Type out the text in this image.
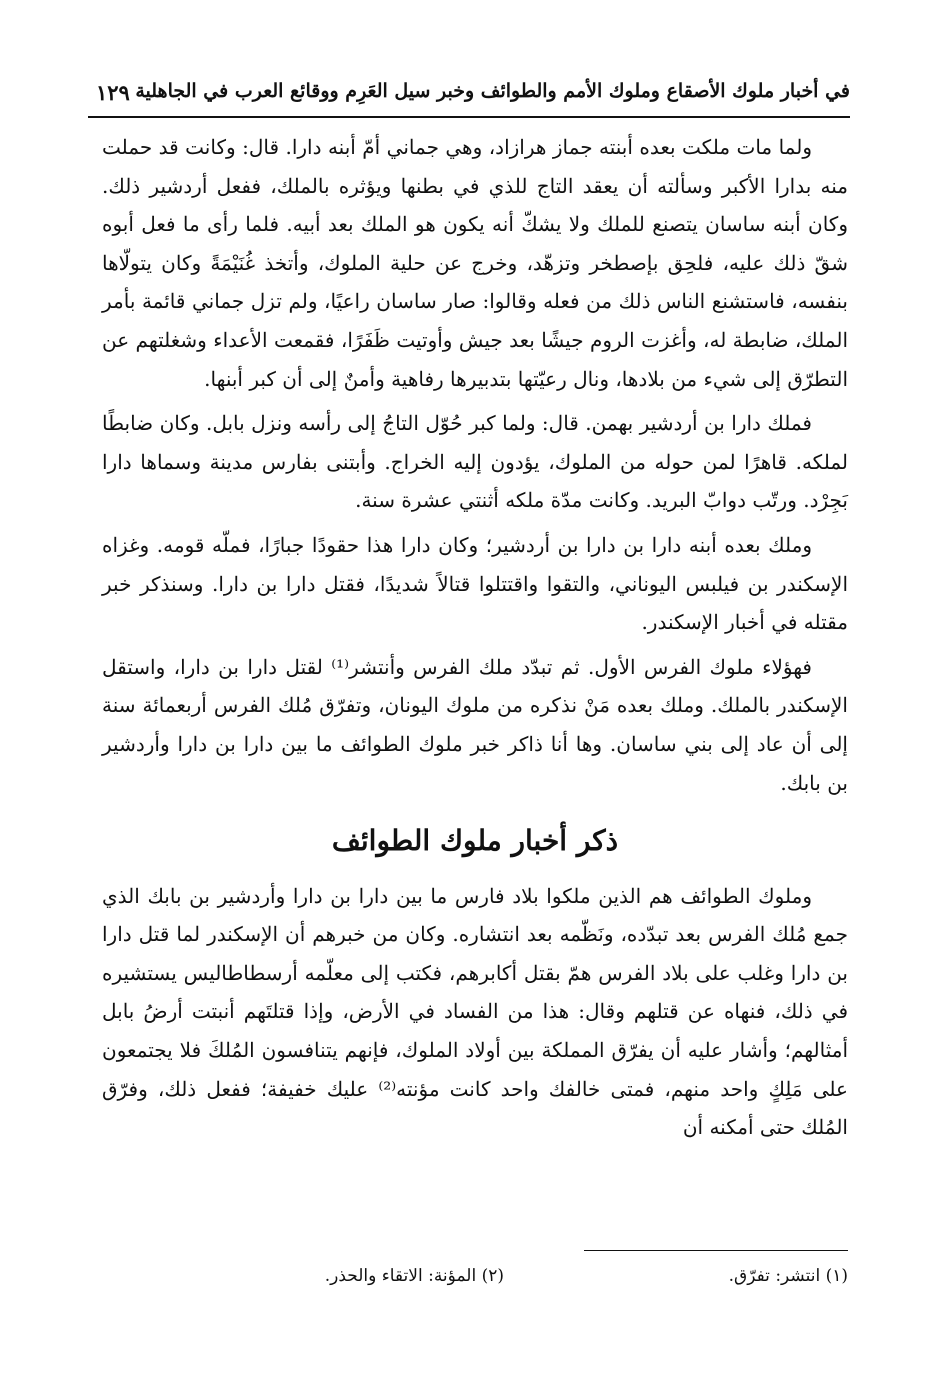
في أخبار ملوك الأصقاع وملوك الأمم والطوائف وخبر سيل العَرِم ووقائع العرب في الجاهلية
١٢٩

ولما مات ملكت بعده أبنته جماز هرازاد، وهي جماني أمّ أبنه دارا. قال: وكانت قد حملت منه بدارا الأكبر وسألته أن يعقد التاج للذي في بطنها ويؤثره بالملك، ففعل أردشير ذلك. وكان أبنه ساسان يتصنع للملك ولا يشكّ أنه يكون هو الملك بعد أبيه. فلما رأى ما فعل أبوه شقّ ذلك عليه، فلحِق بإصطخر وتزهّد، وخرج عن حلية الملوك، وأتخذ غُنَيْمَةً وكان يتولّاها بنفسه، فاستشنع الناس ذلك من فعله وقالوا: صار ساسان راعيًا، ولم تزل جماني قائمة بأمر الملك، ضابطة له، وأغزت الروم جيشًا بعد جيش وأوتيت ظَفَرًا، فقمعت الأعداء وشغلتهم عن التطرّق إلى شيء من بلادها، ونال رعيّتها بتدبيرها رفاهية وأمنٌ إلى أن كبر أبنها.

فملك دارا بن أردشير بهمن. قال: ولما كبر حُوّل التاجُ إلى رأسه ونزل بابل. وكان ضابطًا لملكه. قاهرًا لمن حوله من الملوك، يؤدون إليه الخراج. وأبتنى بفارس مدينة وسماها دارا بَجِرْد. ورتّب دوابّ البريد. وكانت مدّة ملكه أثنتي عشرة سنة.

وملك بعده أبنه دارا بن دارا بن أردشير؛ وكان دارا هذا حقودًا جبارًا، فملّه قومه. وغزاه الإسكندر بن فيلبس اليوناني، والتقوا واقتتلوا قتالاً شديدًا، فقتل دارا بن دارا. وسنذكر خبر مقتله في أخبار الإسكندر.

فهؤلاء ملوك الفرس الأول. ثم تبدّد ملك الفرس وأنتشر⁽¹⁾ لقتل دارا بن دارا، واستقل الإسكندر بالملك. وملك بعده مَنْ نذكره من ملوك اليونان، وتفرّق مُلك الفرس أربعمائة سنة إلى أن عاد إلى بني ساسان. وها أنا ذاكر خبر ملوك الطوائف ما بين دارا بن دارا وأردشير بن بابك.

ذكر أخبار ملوك الطوائف

وملوك الطوائف هم الذين ملكوا بلاد فارس ما بين دارا بن دارا وأردشير بن بابك الذي جمع مُلك الفرس بعد تبدّده، ونَظّمه بعد انتشاره. وكان من خبرهم أن الإسكندر لما قتل دارا بن دارا وغلب على بلاد الفرس همّ بقتل أكابرهم، فكتب إلى معلّمه أرسطاطاليس يستشيره في ذلك، فنهاه عن قتلهم وقال: هذا من الفساد في الأرض، وإذا قتلتَهم أنبتت أرضُ بابل أمثالهم؛ وأشار عليه أن يفرّق المملكة بين أولاد الملوك، فإنهم يتنافسون المُلكَ فلا يجتمعون على مَلِكٍ واحد منهم، فمتى خالفك واحد كانت مؤنته⁽²⁾ عليك خفيفة؛ ففعل ذلك، وفرّق المُلك حتى أمكنه أن

(١) انتشر: تفرّق.
(٢) المؤنة: الاتقاء والحذر.
